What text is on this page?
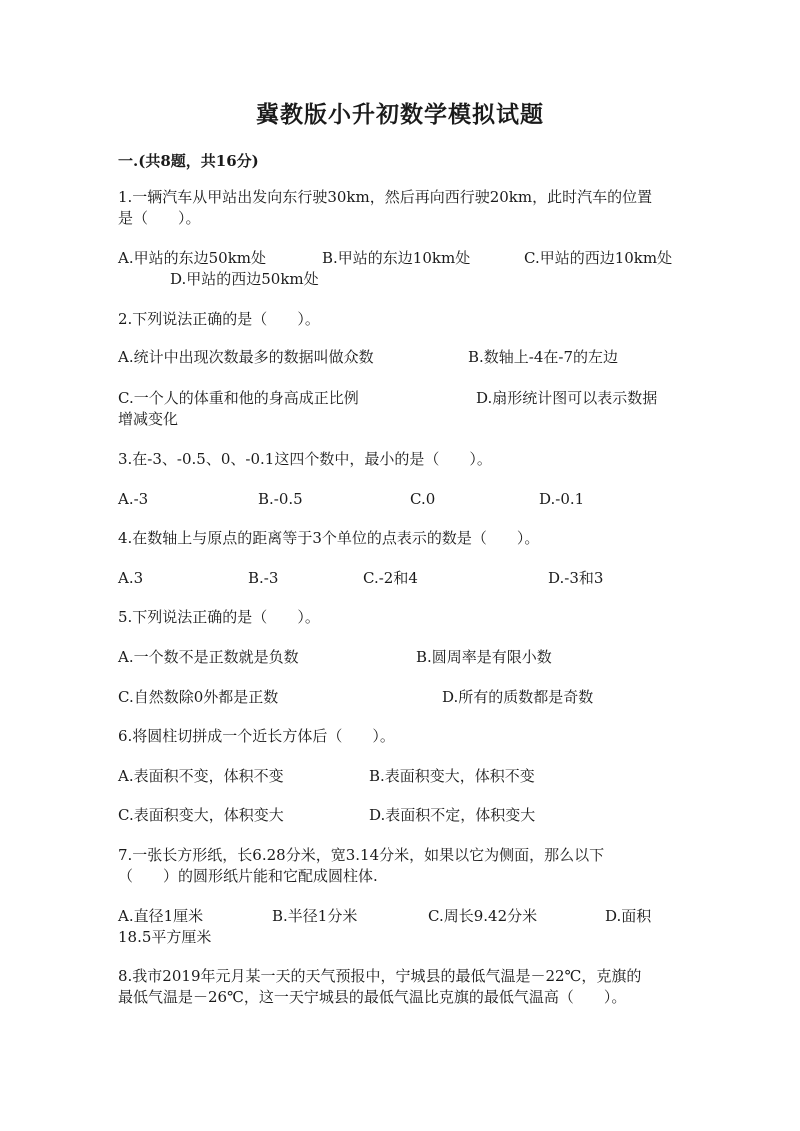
冀教版小升初数学模拟试题
一.(共8题，共16分)
1.一辆汽车从甲站出发向东行驶30km，然后再向西行驶20km，此时汽车的位置
是（　　）。
A.甲站的东边50km处	B.甲站的东边10km处	C.甲站的西边10km处
D.甲站的西边50km处
2.下列说法正确的是（　　）。
A.统计中出现次数最多的数据叫做众数	B.数轴上-4在-7的左边
C.一个人的体重和他的身高成正比例	D.扇形统计图可以表示数据
增减变化
3.在-3、-0.5、0、-0.1这四个数中，最小的是（　　）。
A.-3	B.-0.5	C.0	D.-0.1
4.在数轴上与原点的距离等于3个单位的点表示的数是（　　）。
A.3	B.-3	C.-2和4	D.-3和3
5.下列说法正确的是（　　）。
A.一个数不是正数就是负数	B.圆周率是有限小数
C.自然数除0外都是正数	D.所有的质数都是奇数
6.将圆柱切拼成一个近长方体后（　　）。
A.表面积不变，体积不变	B.表面积变大，体积不变
C.表面积变大，体积变大	D.表面积不定，体积变大
7.一张长方形纸，长6.28分米，宽3.14分米，如果以它为侧面，那么以下
（　　）的圆形纸片能和它配成圆柱体.
A.直径1厘米	B.半径1分米	C.周长9.42分米	D.面积
18.5平方厘米
8.我市2019年元月某一天的天气预报中，宁城县的最低气温是－22℃，克旗的
最低气温是－26℃，这一天宁城县的最低气温比克旗的最低气温高（　　）。
